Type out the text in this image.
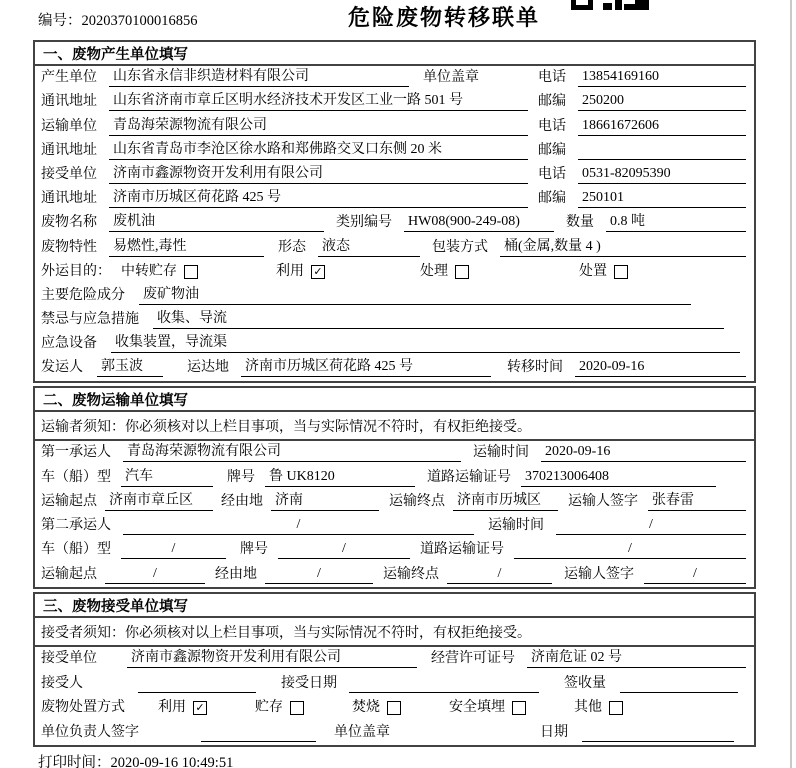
编号：2020370100016856	危险废物转移联单
一、废物产生单位填写
产生单位 山东省永信非织造材料有限公司	单位盖章	电话 13854169160
通讯地址 山东省济南市章丘区明水经济技术开发区工业一路 501 号	邮编 250200
运输单位 青岛海荣源物流有限公司	电话 18661672606
通讯地址 山东省青岛市李沧区徐水路和郑佛路交叉口东侧 20 米	邮编
接受单位 济南市鑫源物资开发利用有限公司	电话 0531-82095390
通讯地址 济南市历城区荷花路 425 号	邮编 250101
废物名称 废机油	类别编号 HW08(900-249-08)	数量 0.8 吨
废物特性 易燃性,毒性	形态 液态	包装方式 桶(金属,数量 4 )
外运目的： 中转贮存	利用 ✓	处理	处置
主要危险成分 废矿物油
禁忌与应急措施 收集、导流
应急设备 收集装置，导流渠
发运人 郭玉波	运达地 济南市历城区荷花路 425 号	转移时间 2020-09-16
二、废物运输单位填写
运输者须知：你必须核对以上栏目事项，当与实际情况不符时，有权拒绝接受。
第一承运人 青岛海荣源物流有限公司	运输时间 2020-09-16
车（船）型 汽车	牌号 鲁 UK8120	道路运输证号 370213006408
运输起点 济南市章丘区	经由地 济南	运输终点 济南市历城区	运输人签字 张春雷
第二承运人	/	运输时间	/
车（船）型	/	牌号	/	道路运输证号	/
运输起点	/	经由地	/	运输终点	/	运输人签字	/
三、废物接受单位填写
接受者须知：你必须核对以上栏目事项，当与实际情况不符时，有权拒绝接受。
接受单位 济南市鑫源物资开发利用有限公司	经营许可证号 济南危证 02 号
接受人	接受日期	签收量
废物处置方式 利用 ✓	贮存	焚烧	安全填埋	其他
单位负责人签字	单位盖章	日期
打印时间：2020-09-16 10:49:51
